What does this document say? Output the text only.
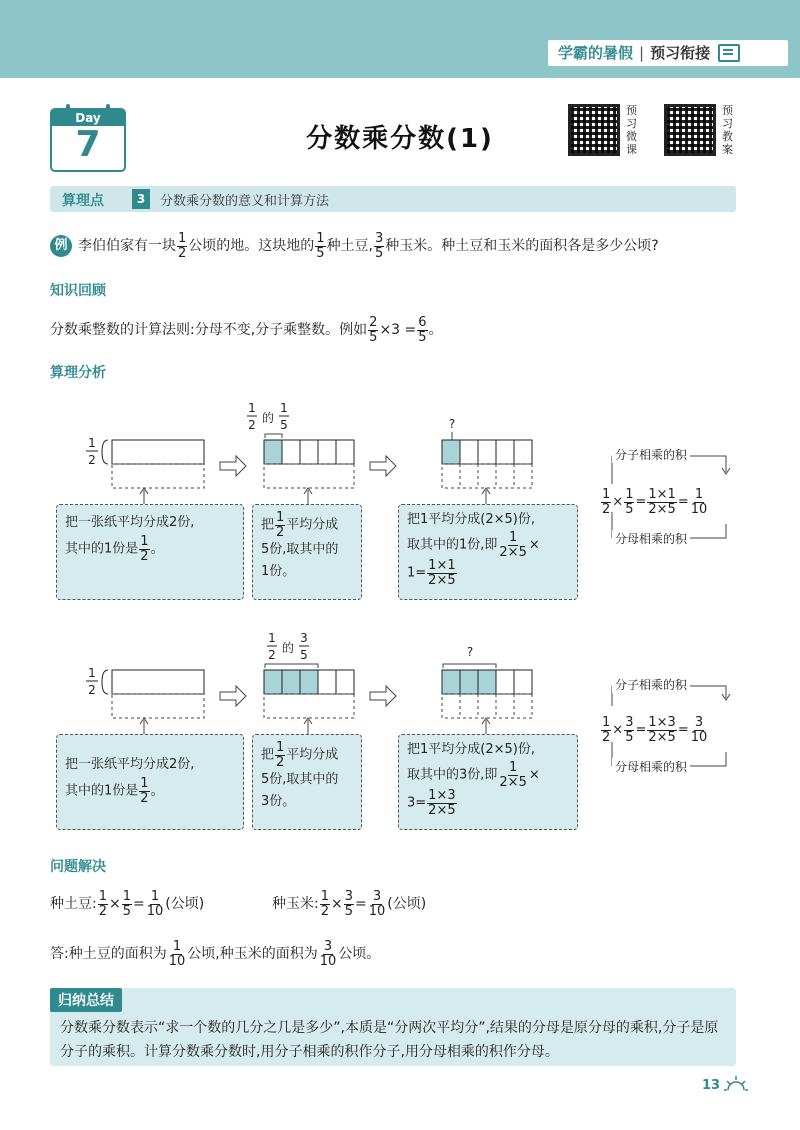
学霸的暑假 | 预习衔接
Day
7	分数乘分数(1)
预
习
微
课
预
习
教
案
算理点	3	分数乘分数的意义和计算方法
例 李伯伯家有一块 $\frac{1}{2}$ 公顷的地。这块地的 $\frac{1}{5}$ 种土豆, $\frac{3}{5}$ 种玉米。种土豆和玉米的面积各是多少公顷?
知识回顾
分数乘整数的计算法则:分母不变,分子乘整数。例如 $\frac{2}{5} \times 3 = \frac{6}{5}$ 。
算理分析
1
2
1
2 的
1
5	?
分子相乘的积
分母相乘的积
$\frac{1}{2} \times \frac{1}{5} = \frac{1\times 1}{2\times 5} = \frac{1}{10}$
把一张纸平均分成2份,
其中的1份是 $\frac{1}{2}$ 。
把 $\frac{1}{2}$ 平均分成
5份,取其中的
1份。
把1平均分成(2×5)份,
取其中的1份,即 $\frac{1}{2\times 5}$ ×
$1= \frac{1\times 1}{2\times 5}$
1
2
1
2 的
3
5	?
分子相乘的积
分母相乘的积
$\frac{1}{2} \times \frac{3}{5} = \frac{1\times 3}{2\times 5} = \frac{3}{10}$
把一张纸平均分成2份,
其中的1份是 $\frac{1}{2}$ 。
把 $\frac{1}{2}$ 平均分成
5份,取其中的
3份。
把1平均分成(2×5)份,
取其中的3份,即 $\frac{1}{2\times 5}$ ×
$3= \frac{1\times 3}{2\times 5}$
问题解决
种土豆: $\frac{1}{2} \times \frac{1}{5} = \frac{1}{10}$ (公顷)	种玉米: $\frac{1}{2} \times \frac{3}{5} = \frac{3}{10}$ (公顷)
答:种土豆的面积为 $\frac{1}{10}$ 公顷,种玉米的面积为 $\frac{3}{10}$ 公顷。
归纳总结
分数乘分数表示“求一个数的几分之几是多少”,本质是“分两次平均分”,结果的分母是原分母的乘积,分子是原分子的乘积。计算分数乘分数时,用分子相乘的积作分子,用分母相乘的积作分母。
13
